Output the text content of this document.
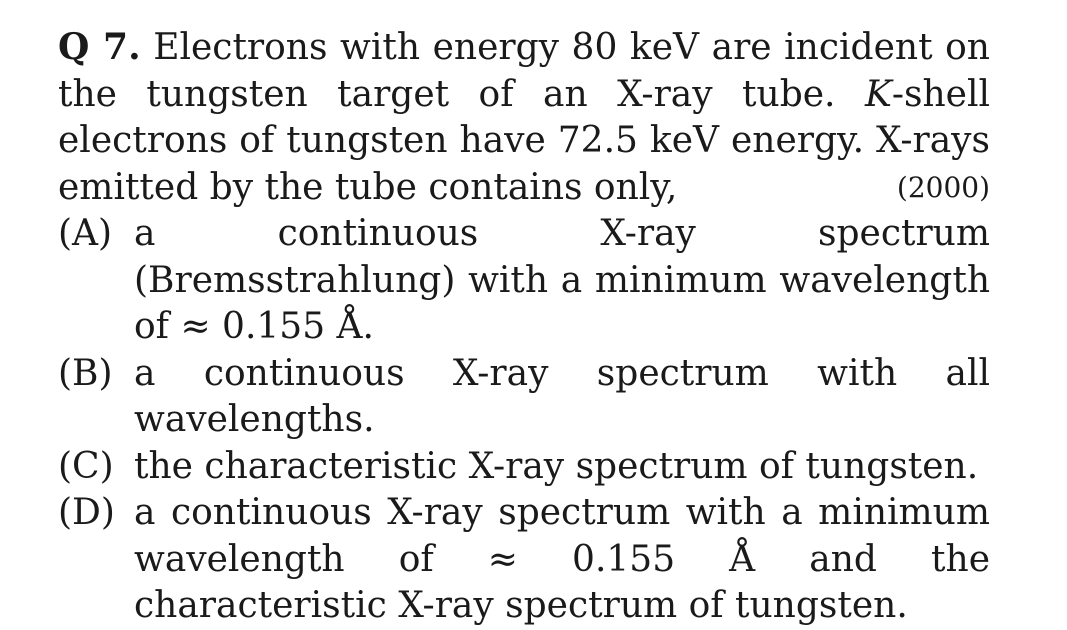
Q 7. Electrons with energy 80 keV are incident on the tungsten target of an X-ray tube. K-shell electrons of tungsten have 72.5 keV energy. X-rays emitted by the tube contains only,	(2000)
(A) a continuous X-ray spectrum (Bremsstrahlung) with a minimum wavelength of ≈ 0.155 Å.
(B) a continuous X-ray spectrum with all wavelengths.
(C) the characteristic X-ray spectrum of tungsten.
(D) a continuous X-ray spectrum with a minimum wavelength of ≈ 0.155 Å and the characteristic X-ray spectrum of tungsten.
